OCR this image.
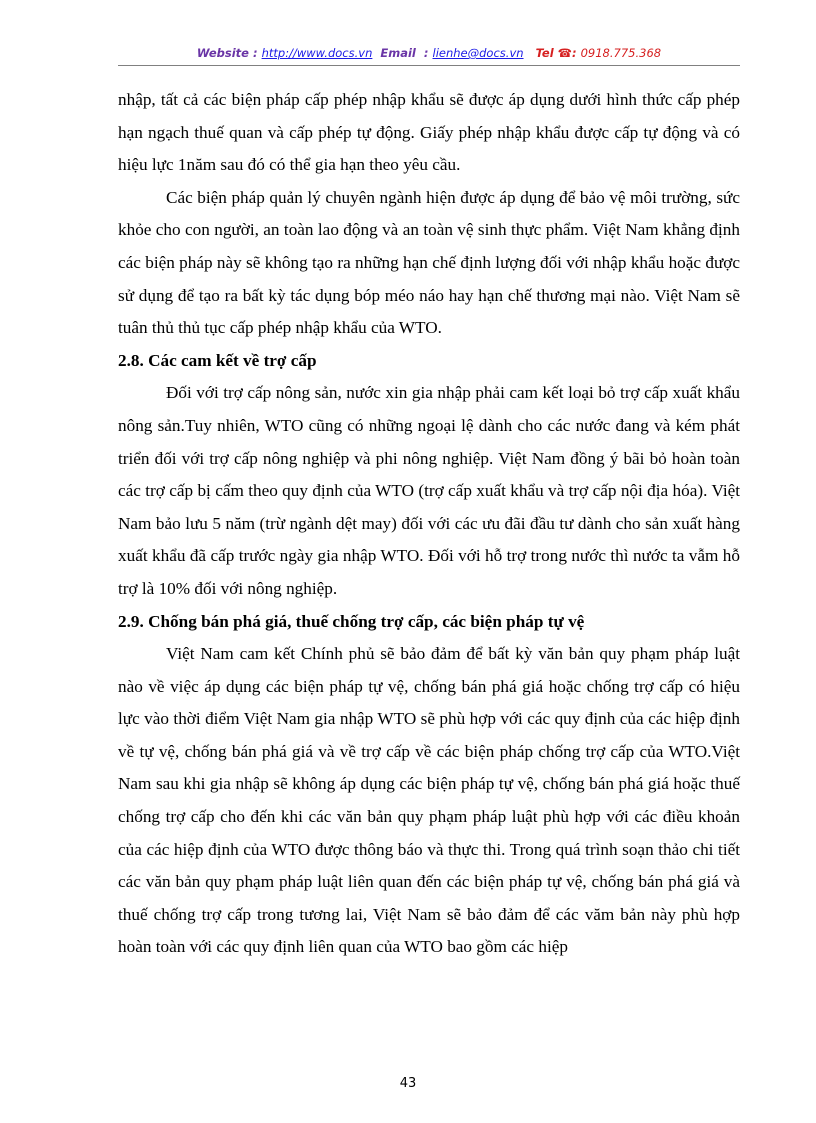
Website : http://www.docs.vn Email : lienhe@docs.vn Tel ☎: 0918.775.368

nhập, tất cả các biện pháp cấp phép nhập khẩu sẽ được áp dụng dưới hình thức cấp phép hạn ngạch thuế quan và cấp phép tự động. Giấy phép nhập khẩu được cấp tự động và có hiệu lực 1năm sau đó có thể gia hạn theo yêu cầu.

Các biện pháp quản lý chuyên ngành hiện được áp dụng để bảo vệ môi trường, sức khỏe cho con người, an toàn lao động và an toàn vệ sinh thực phẩm. Việt Nam khẳng định các biện pháp này sẽ không tạo ra những hạn chế định lượng đối với nhập khẩu hoặc được sử dụng để tạo ra bất kỳ tác dụng bóp méo náo hay hạn chế thương mại nào. Việt Nam sẽ tuân thủ thủ tục cấp phép nhập khẩu của WTO.

2.8. Các cam kết về trợ cấp

Đối với trợ cấp nông sản, nước xin gia nhập phải cam kết loại bỏ trợ cấp xuất khẩu nông sản.Tuy nhiên, WTO cũng có những ngoại lệ dành cho các nước đang và kém phát triển đối với trợ cấp nông nghiệp và phi nông nghiệp. Việt Nam đồng ý bãi bỏ hoàn toàn các trợ cấp bị cấm theo quy định của WTO (trợ cấp xuất khẩu và trợ cấp nội địa hóa). Việt Nam bảo lưu 5 năm (trừ ngành dệt may) đối với các ưu đãi đầu tư dành cho sản xuất hàng xuất khẩu đã cấp trước ngày gia nhập WTO. Đối với hỗ trợ trong nước thì nước ta vẫm hỗ trợ là 10% đối với nông nghiệp.

2.9. Chống bán phá giá, thuế chống trợ cấp, các biện pháp tự vệ

Việt Nam cam kết Chính phủ sẽ bảo đảm để bất kỳ văn bản quy phạm pháp luật nào về việc áp dụng các biện pháp tự vệ, chống bán phá giá hoặc chống trợ cấp có hiệu lực vào thời điểm Việt Nam gia nhập WTO sẽ phù hợp với các quy định của các hiệp định về tự vệ, chống bán phá giá và về trợ cấp về các biện pháp chống trợ cấp của WTO.Việt Nam sau khi gia nhập sẽ không áp dụng các biện pháp tự vệ, chống bán phá giá hoặc thuế chống trợ cấp cho đến khi các văn bản quy phạm pháp luật phù hợp với các điều khoản của các hiệp định của WTO được thông báo và thực thi. Trong quá trình soạn thảo chi tiết các văn bản quy phạm pháp luật liên quan đến các biện pháp tự vệ, chống bán phá giá và thuế chống trợ cấp trong tương lai, Việt Nam sẽ bảo đảm để các văm bản này phù hợp hoàn toàn với các quy định liên quan của WTO bao gồm các hiệp

43
